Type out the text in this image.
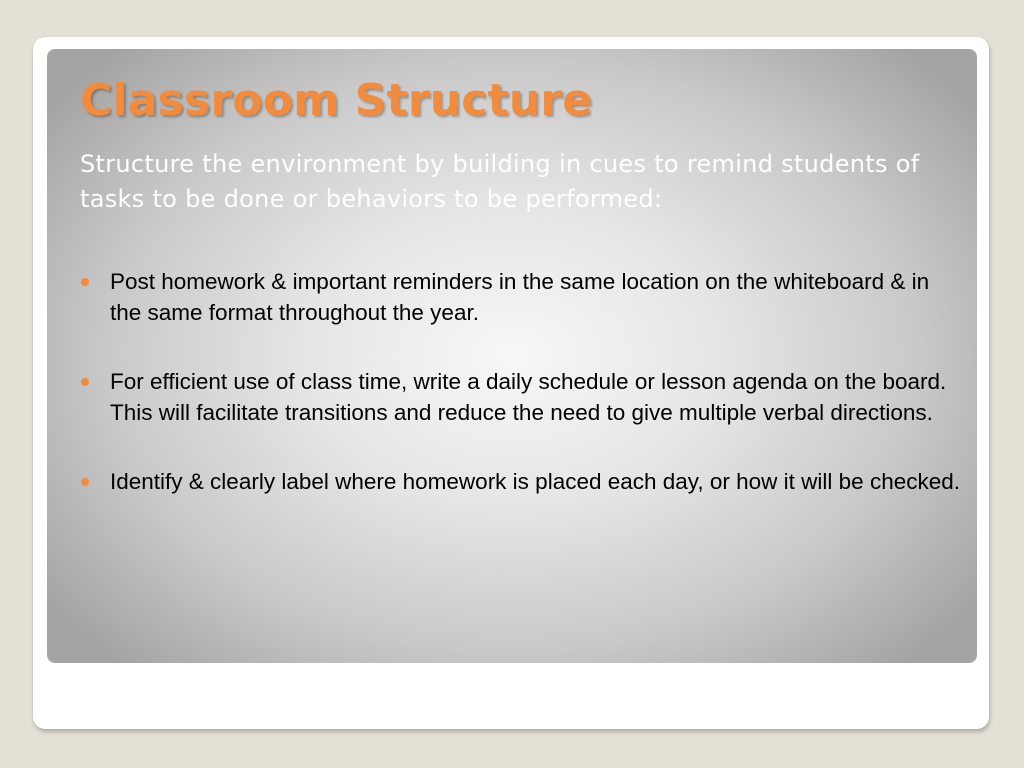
Classroom Structure

Structure the environment by building in cues to remind students of tasks to be done or behaviors to be performed:

Post homework & important reminders in the same location on the whiteboard & in the same format throughout the year.
For efficient use of class time, write a daily schedule or lesson agenda on the board. This will facilitate transitions and reduce the need to give multiple verbal directions.
Identify & clearly label where homework is placed each day, or how it will be checked.
